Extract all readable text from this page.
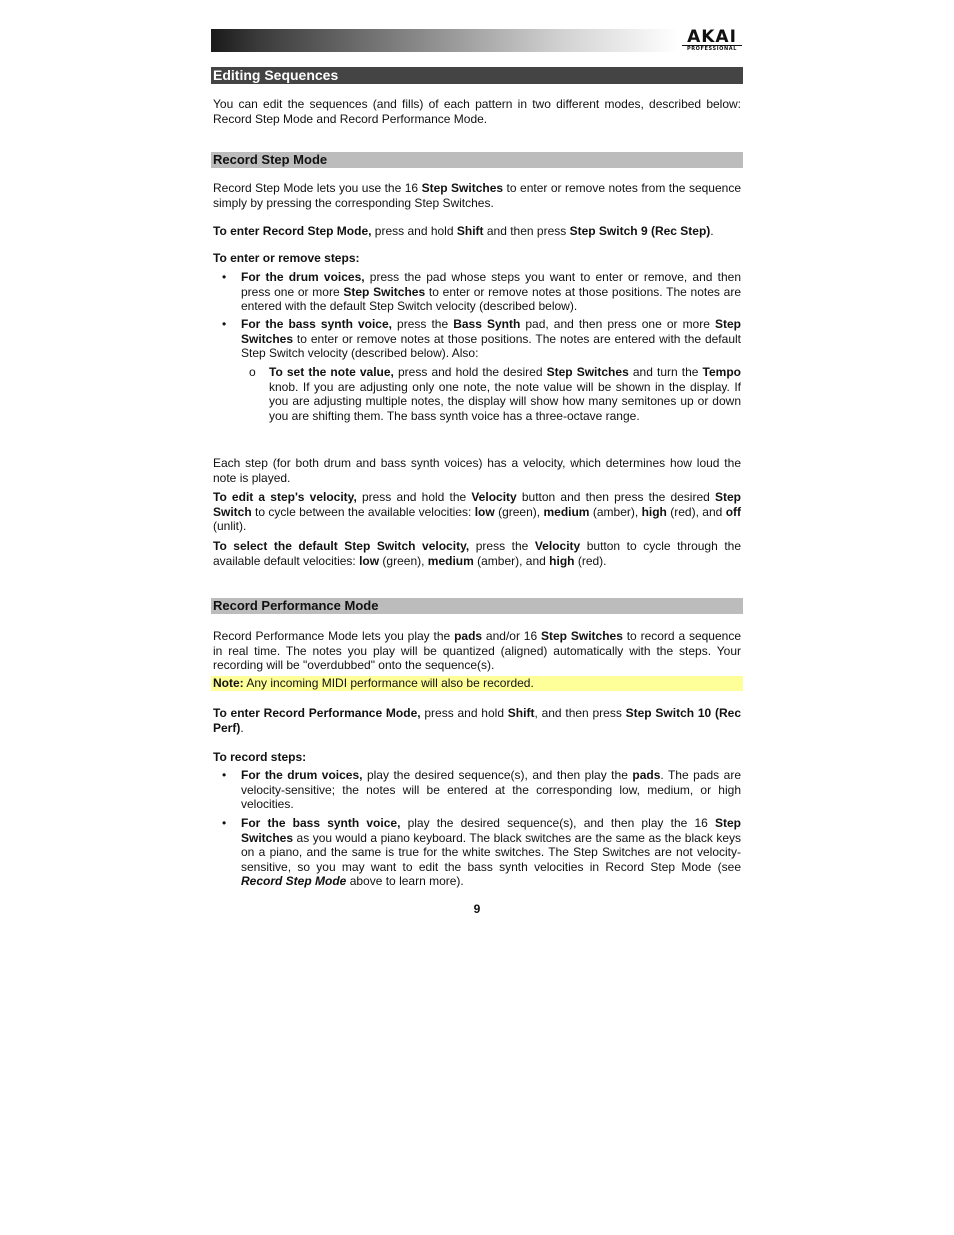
AKAI
PROFESSIONAL
Editing Sequences

You can edit the sequences (and fills) of each pattern in two different modes, described below: Record Step Mode and Record Performance Mode.

Record Step Mode

Record Step Mode lets you use the 16 Step Switches to enter or remove notes from the sequence simply by pressing the corresponding Step Switches.

To enter Record Step Mode, press and hold Shift and then press Step Switch 9 (Rec Step).

To enter or remove steps:

• For the drum voices, press the pad whose steps you want to enter or remove, and then press one or more Step Switches to enter or remove notes at those positions. The notes are entered with the default Step Switch velocity (described below).

• For the bass synth voice, press the Bass Synth pad, and then press one or more Step Switches to enter or remove notes at those positions. The notes are entered with the default Step Switch velocity (described below). Also:

o To set the note value, press and hold the desired Step Switches and turn the Tempo knob. If you are adjusting only one note, the note value will be shown in the display. If you are adjusting multiple notes, the display will show how many semitones up or down you are shifting them. The bass synth voice has a three-octave range.

Each step (for both drum and bass synth voices) has a velocity, which determines how loud the note is played.

To edit a step's velocity, press and hold the Velocity button and then press the desired Step Switch to cycle between the available velocities: low (green), medium (amber), high (red), and off (unlit).

To select the default Step Switch velocity, press the Velocity button to cycle through the available default velocities: low (green), medium (amber), and high (red).

Record Performance Mode

Record Performance Mode lets you play the pads and/or 16 Step Switches to record a sequence in real time. The notes you play will be quantized (aligned) automatically with the steps. Your recording will be "overdubbed" onto the sequence(s).

Note: Any incoming MIDI performance will also be recorded.

To enter Record Performance Mode, press and hold Shift, and then press Step Switch 10 (Rec Perf).

To record steps:

• For the drum voices, play the desired sequence(s), and then play the pads. The pads are velocity-sensitive; the notes will be entered at the corresponding low, medium, or high velocities.

• For the bass synth voice, play the desired sequence(s), and then play the 16 Step Switches as you would a piano keyboard. The black switches are the same as the black keys on a piano, and the same is true for the white switches. The Step Switches are not velocity-sensitive, so you may want to edit the bass synth velocities in Record Step Mode (see Record Step Mode above to learn more).

9
